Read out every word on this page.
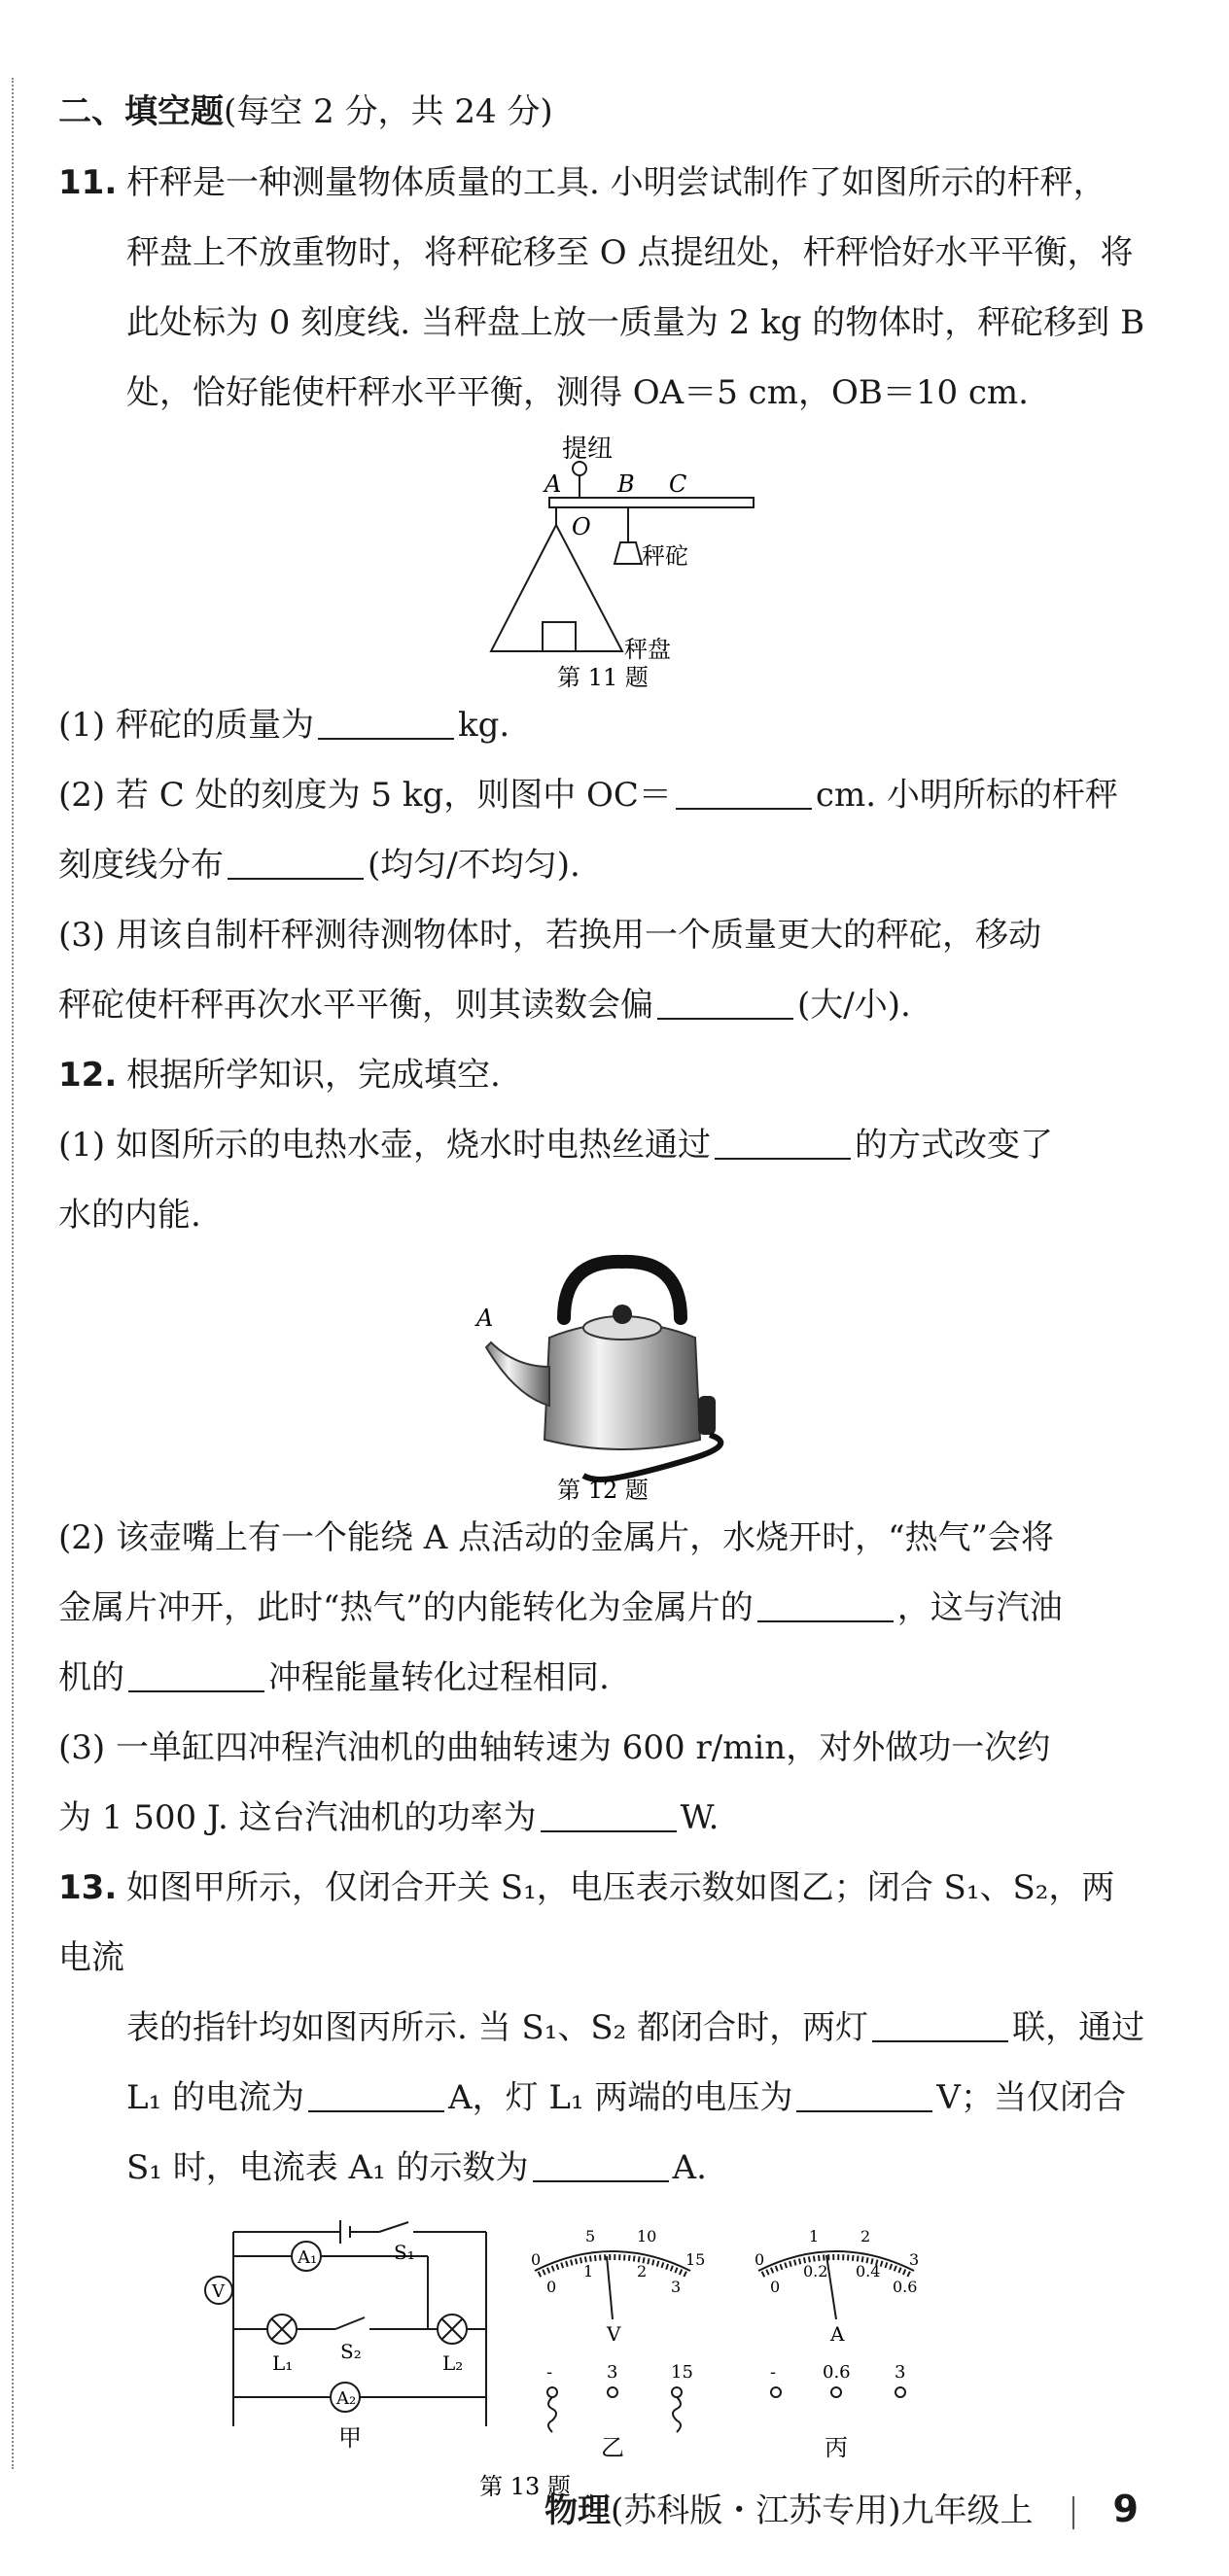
二、填空题(每空 2 分，共 24 分)

11. 杆秤是一种测量物体质量的工具. 小明尝试制作了如图所示的杆秤，

秤盘上不放重物时，将秤砣移至 O 点提纽处，杆秤恰好水平平衡，将

此处标为 0 刻度线. 当秤盘上放一质量为 2 kg 的物体时，秤砣移到 B

处，恰好能使杆秤水平平衡，测得 OA＝5 cm，OB＝10 cm.

提纽
A B C
O
秤砣
秤盘
第 11 题

(1) 秤砣的质量为	kg.

(2) 若 C 处的刻度为 5 kg，则图中 OC＝	cm. 小明所标的杆秤

刻度线分布	(均匀/不均匀).

(3) 用该自制杆秤测待测物体时，若换用一个质量更大的秤砣，移动

秤砣使杆秤再次水平平衡，则其读数会偏	(大/小).

12. 根据所学知识，完成填空.

(1) 如图所示的电热水壶，烧水时电热丝通过	的方式改变了

水的内能.

A
第 12 题

(2) 该壶嘴上有一个能绕 A 点活动的金属片，水烧开时，“热气”会将

金属片冲开，此时“热气”的内能转化为金属片的	，这与汽油

机的	冲程能量转化过程相同.

(3) 一单缸四冲程汽油机的曲轴转速为 600 r/min，对外做功一次约

为 1 500 J. 这台汽油机的功率为	W.

13. 如图甲所示，仅闭合开关 S₁，电压表示数如图乙；闭合 S₁、S₂，两电流

表的指针均如图丙所示. 当 S₁、S₂ 都闭合时，两灯	联，通过

L₁ 的电流为	A，灯 L₁ 两端的电压为	V；当仅闭合

S₁ 时，电流表 A₁ 的示数为	A.

S₁
A₁
V
S₂
L₁	L₂
A₂
甲
0
5	10
15
0
1	2
3
V
-	3	15
乙
0
1	2
3
0
0.2 0.4
0.6
A
-	0.6	3
丙
第 13 题
物理(苏科版・江苏专用)九年级上 9
